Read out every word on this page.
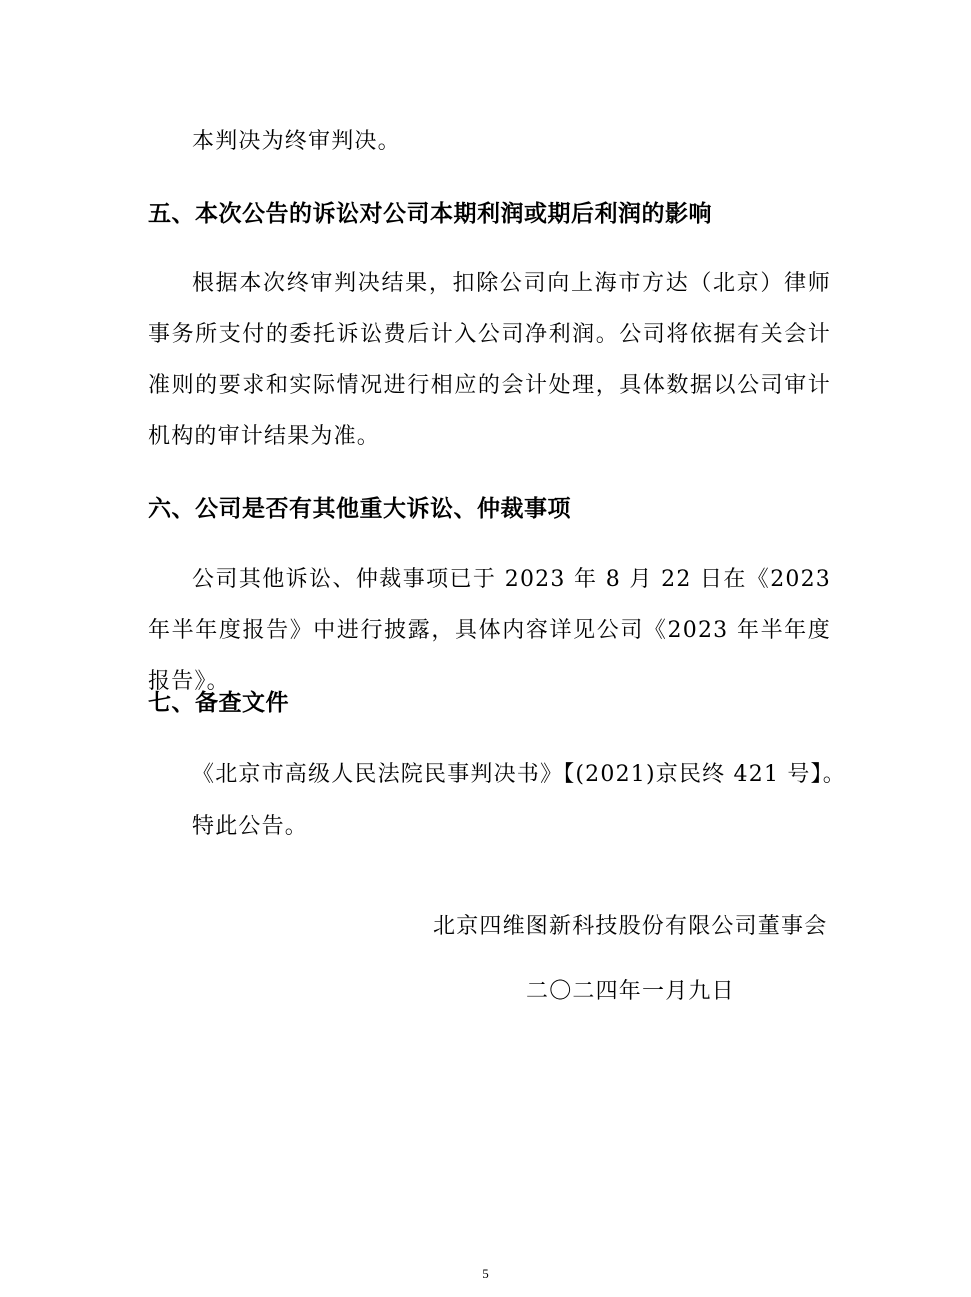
本判决为终审判决。
五、本次公告的诉讼对公司本期利润或期后利润的影响
根据本次终审判决结果，扣除公司向上海市方达（北京）律师事务所支付的委托诉讼费后计入公司净利润。公司将依据有关会计准则的要求和实际情况进行相应的会计处理，具体数据以公司审计机构的审计结果为准。
六、公司是否有其他重大诉讼、仲裁事项
公司其他诉讼、仲裁事项已于 2023 年 8 月 22 日在《2023 年半年度报告》中进行披露，具体内容详见公司《2023 年半年度报告》。
七、备查文件
《北京市高级人民法院民事判决书》【(2021)京民终 421 号】。
特此公告。
北京四维图新科技股份有限公司董事会
二〇二四年一月九日
5
